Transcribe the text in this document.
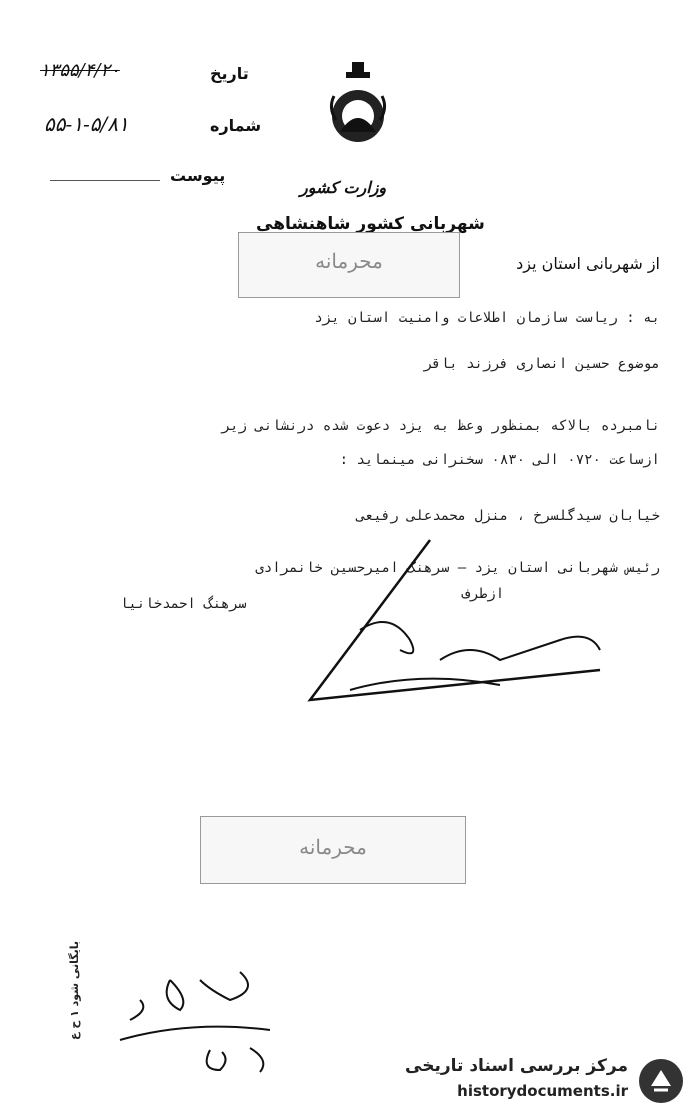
تاریخ
۱۳۵۵/۴/۲۰
شماره
۵۵-۱-۵/۸۱
پیوست
وزارت کشور
شهربانی کشور شاهنشاهی
محرمانه	از شهربانی استان یزد
به : ریاست سازمان اطلاعات وامنیت استان یزد
موضوع حسین انصاری فرزند باقر
نامبرده بالاکه بمنظور وعظ به یزد دعوت شده درنشانی زیر
ازساعت ۰۷۲۰ الی ۰۸۳۰ سخنرانی مینماید :
خیابان سیدگلسرخ ، منزل محمدعلی رفیعی
رئیس شهربانی استان یزد – سرهنگ امیرحسین خانمرادی
ازطرف
سرهنگ احمدخانیا
محرمانه
بایگانی شود ۱ ح ع
مرکز بررسی اسناد تاریخی
historydocuments.ir
